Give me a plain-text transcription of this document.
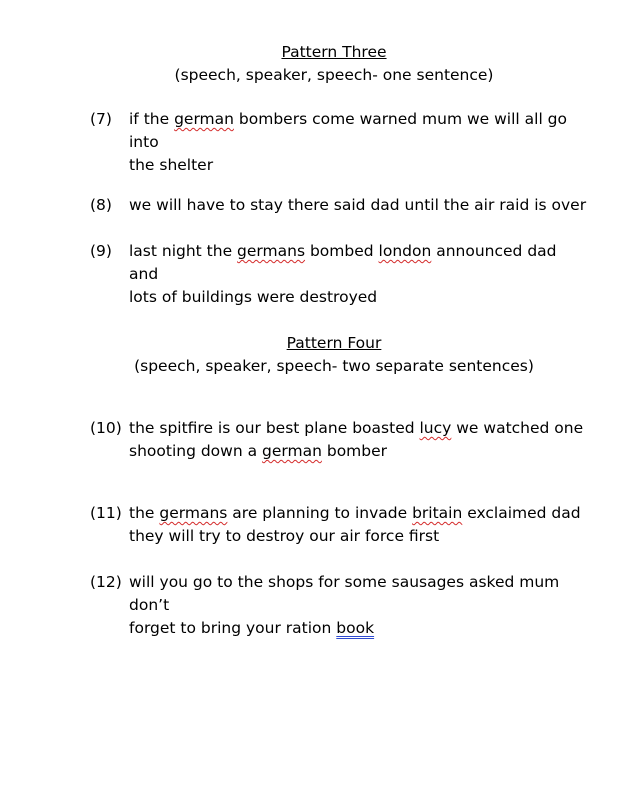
Pattern Three
(speech, speaker, speech- one sentence)
(7) if the german bombers come warned mum we will all go into
the shelter
(8) we will have to stay there said dad until the air raid is over
(9) last night the germans bombed london announced dad and
lots of buildings were destroyed
Pattern Four
(speech, speaker, speech- two separate sentences)
(10) the spitfire is our best plane boasted lucy we watched one
shooting down a german bomber
(11) the germans are planning to invade britain exclaimed dad
they will try to destroy our air force first
(12) will you go to the shops for some sausages asked mum don’t
forget to bring your ration book
